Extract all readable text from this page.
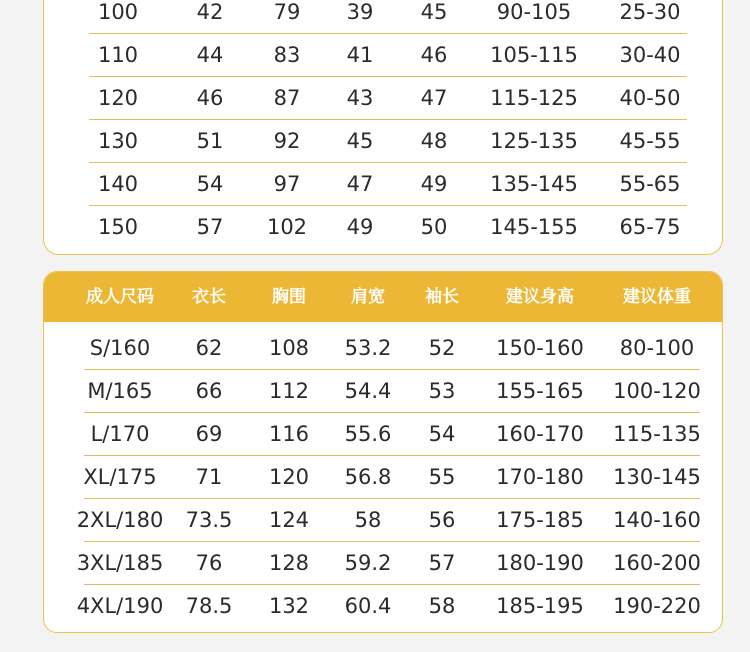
100	42 79 39 45 90-105 25-30
110	44 83 41 46 105-115 30-40
120	46 87 43 47 115-125 40-50
130	51 92 45 48 125-135 45-55
140	54 97 47 49 135-145 55-65
150	57 102 49 50 145-155 65-75
成人尺码 衣长	胸围	肩宽 袖长	建议身高	建议体重
S/160 62 108 53.2 52 150-160 80-100
M/165 66 112 54.4 53 155-165 100-120
L/170 69 116 55.6 54 160-170 115-135
XL/175 71 120 56.8 55 170-180 130-145
2XL/180 73.5 124 58 56 175-185 140-160
3XL/185 76 128 59.2 57 180-190 160-200
4XL/190 78.5 132 60.4 58 185-195 190-220
